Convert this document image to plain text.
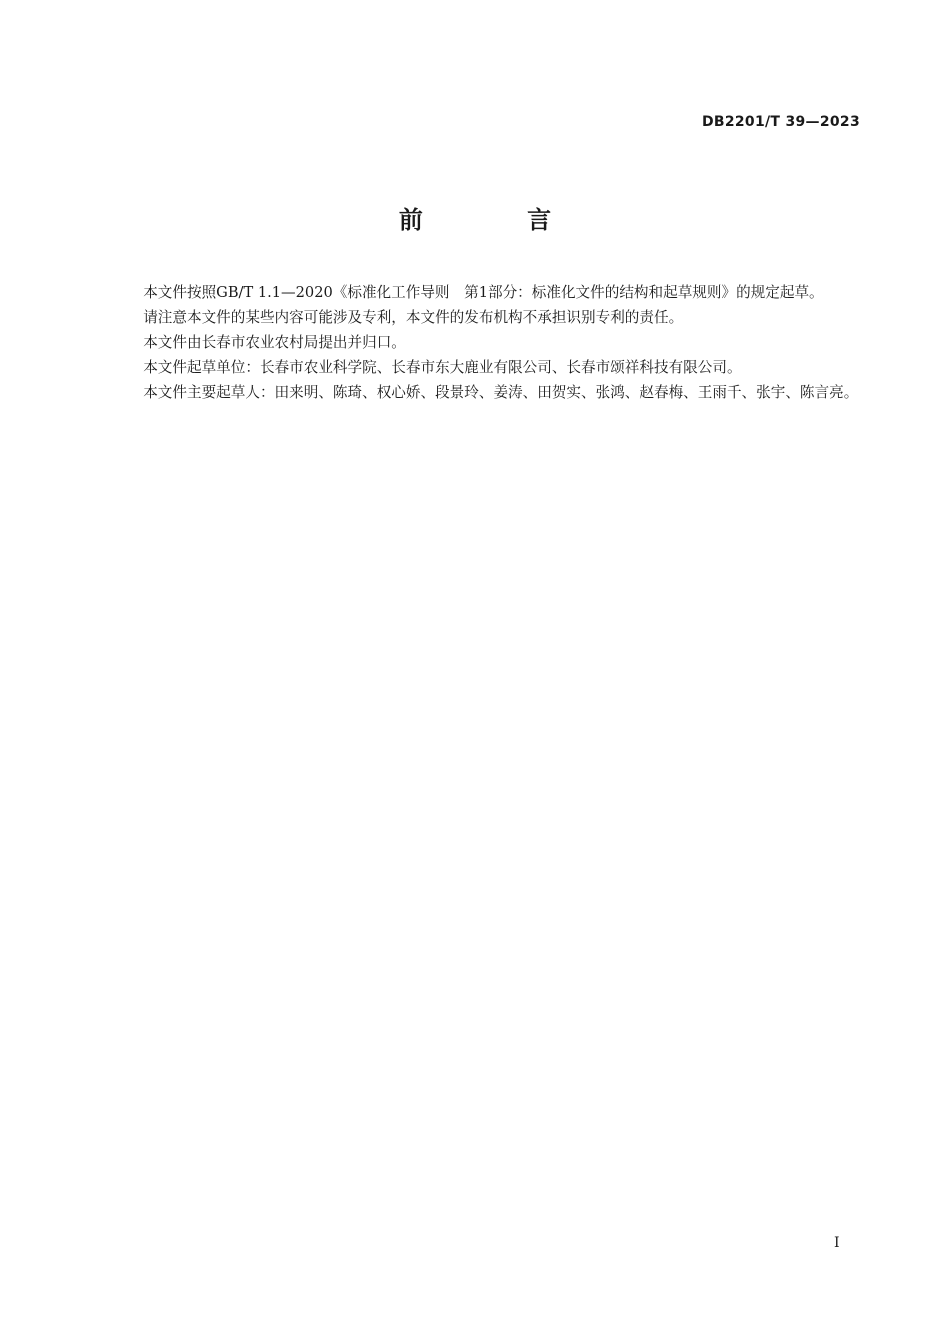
DB2201/T 39—2023
前 言

本文件按照GB/T 1.1—2020《标准化工作导则　第1部分：标准化文件的结构和起草规则》的规定起草。

请注意本文件的某些内容可能涉及专利，本文件的发布机构不承担识别专利的责任。

本文件由长春市农业农村局提出并归口。

本文件起草单位：长春市农业科学院、长春市东大鹿业有限公司、长春市颂祥科技有限公司。

本文件主要起草人：田来明、陈琦、权心娇、段景玲、姜涛、田贺实、张鸿、赵春梅、王雨千、张宇、陈言亮。

I
